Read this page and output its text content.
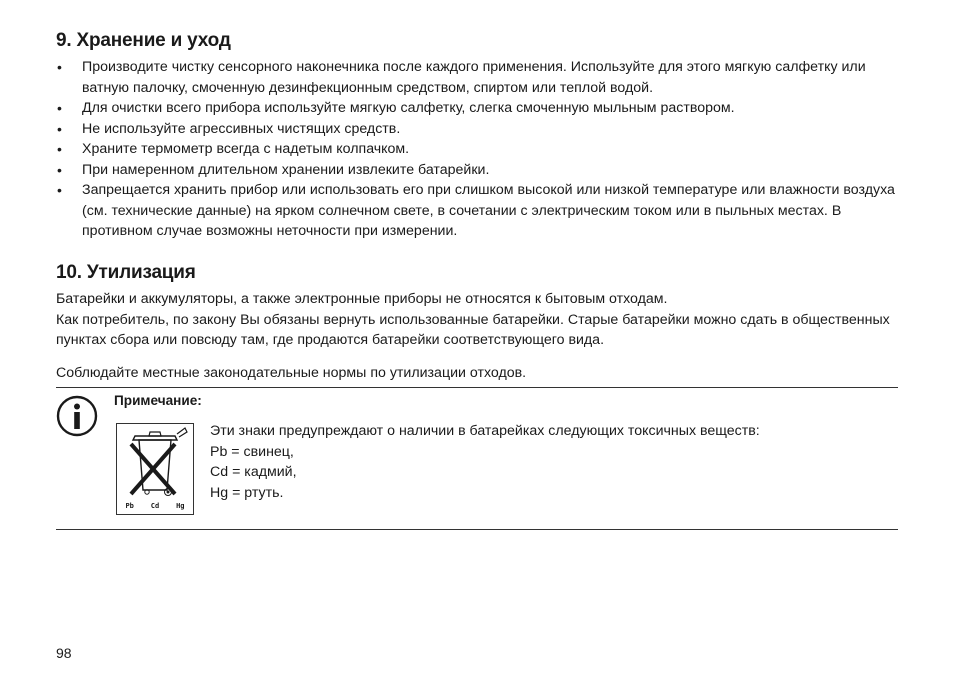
9. Хранение и уход
• Производите чистку сенсорного наконечника после каждого применения. Используйте для этого мягкую салфетку или ватную палочку, смоченную дезинфекционным средством, спиртом или теплой водой.
• Для очистки всего прибора используйте мягкую салфетку, слегка смоченную мыльным раствором.
• Не используйте агрессивных чистящих средств.
• Храните термометр всегда с надетым колпачком.
• При намеренном длительном хранении извлеките батарейки.
• Запрещается хранить прибор или использовать его при слишком высокой или низкой температуре или влажности воздуха (см. технические данные) на ярком солнечном свете, в сочетании с электрическим током или в пыльных местах. В противном случае возможны неточности при измерении.
10. Утилизация
Батарейки и аккумуляторы, а также электронные приборы не относятся к бытовым отходам.
Как потребитель, по закону Вы обязаны вернуть использованные батарейки. Старые батарейки можно сдать в общественных пунктах сбора или повсюду там, где продаются батарейки соответствующего вида.
Соблюдайте местные законодательные нормы по утилизации отходов.
Примечание:
Pb Cd Hg
Эти знаки предупреждают о наличии в батарейках следующих токсичных веществ:
Pb = свинец,
Cd = кадмий,
Hg = ртуть.
98
